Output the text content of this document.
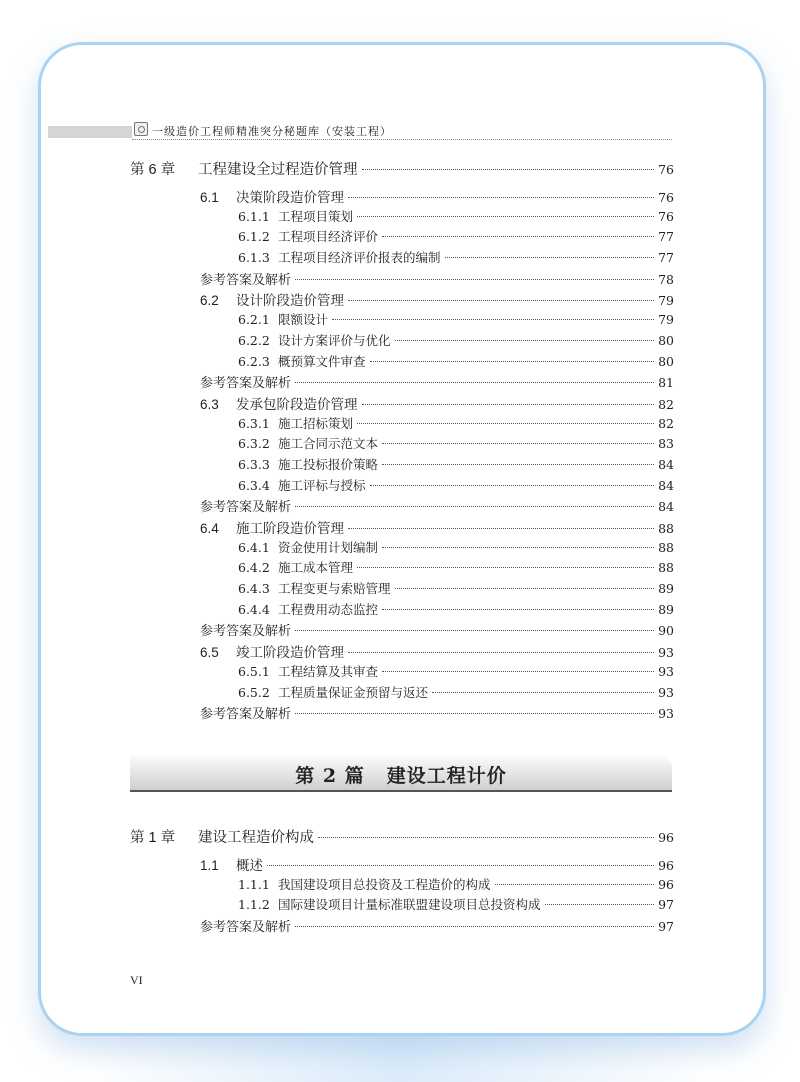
一级造价工程师精准突分秘题库（安装工程）
第 6 章	工程建设全过程造价管理	76
6.1	决策阶段造价管理	76
6.1.1 工程项目策划	76
6.1.2 工程项目经济评价	77
6.1.3 工程项目经济评价报表的编制	77
参考答案及解析	78
6.2	设计阶段造价管理	79
6.2.1 限额设计	79
6.2.2 设计方案评价与优化	80
6.2.3 概预算文件审查	80
参考答案及解析	81
6.3	发承包阶段造价管理	82
6.3.1 施工招标策划	82
6.3.2 施工合同示范文本	83
6.3.3 施工投标报价策略	84
6.3.4 施工评标与授标	84
参考答案及解析	84
6.4	施工阶段造价管理	88
6.4.1 资金使用计划编制	88
6.4.2 施工成本管理	88
6.4.3 工程变更与索赔管理	89
6.4.4 工程费用动态监控	89
参考答案及解析	90
6.5	竣工阶段造价管理	93
6.5.1 工程结算及其审查	93
6.5.2 工程质量保证金预留与返还	93
参考答案及解析	93
第 2 篇 建设工程计价
第 1 章	建设工程造价构成	96
1.1	概述	96
1.1.1 我国建设项目总投资及工程造价的构成	96
1.1.2 国际建设项目计量标准联盟建设项目总投资构成	97
参考答案及解析	97
VI
